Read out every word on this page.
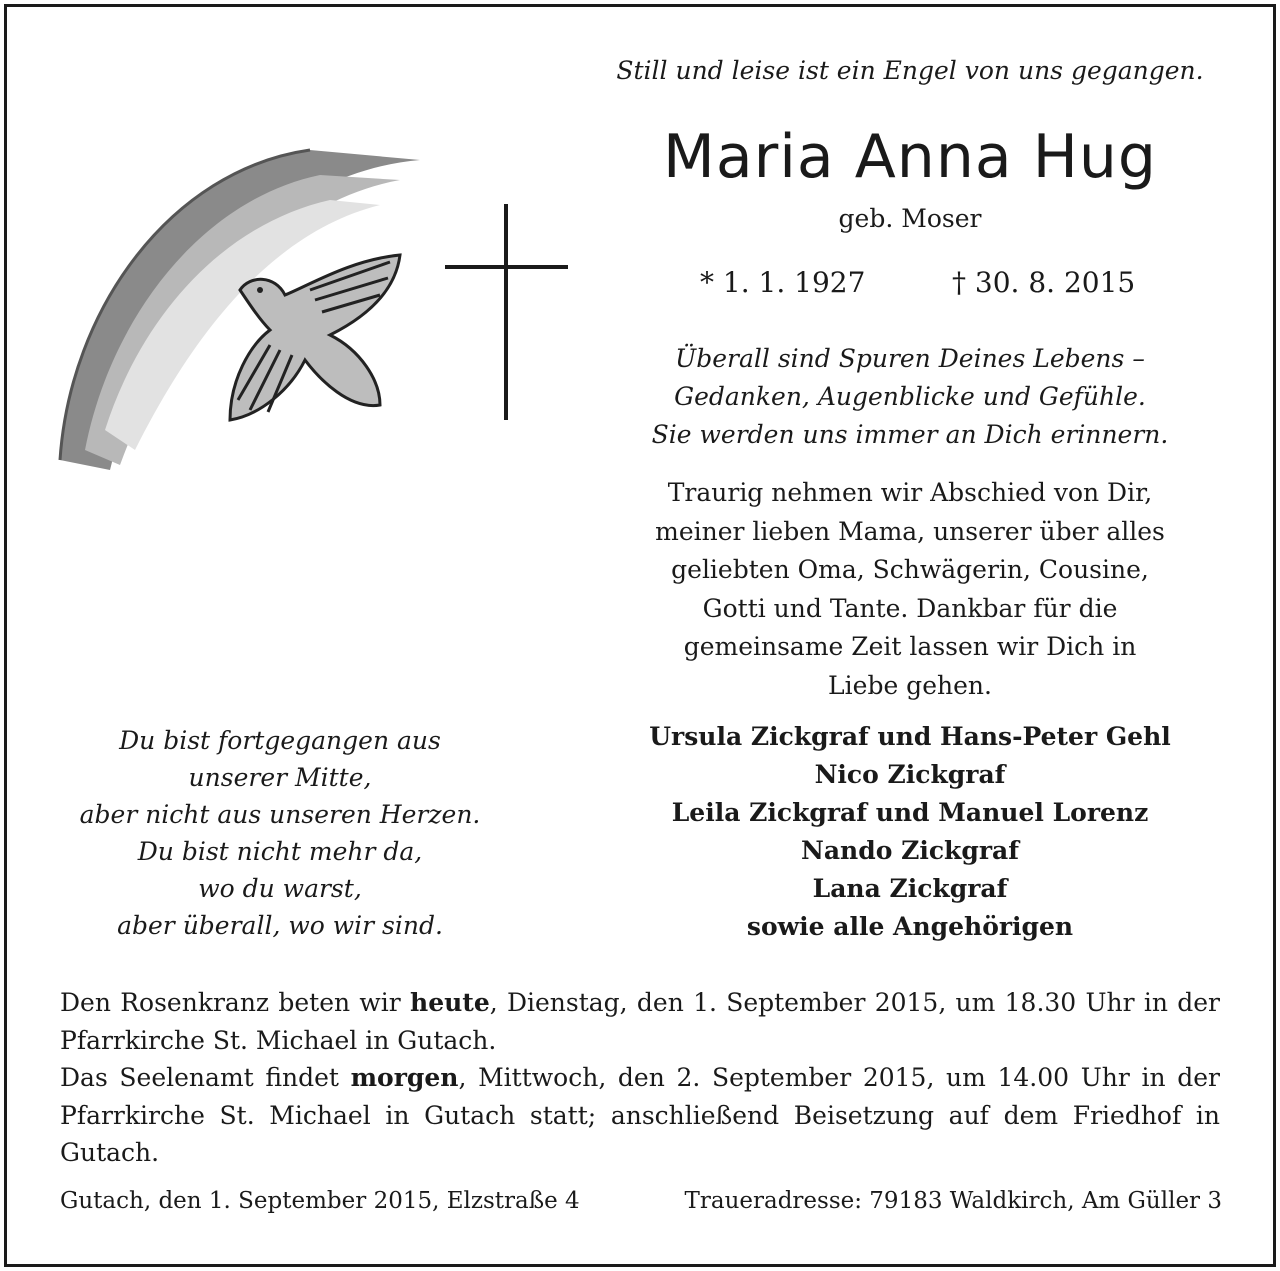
Still und leise ist ein Engel von uns gegangen.
Maria Anna Hug
geb. Moser
* 1. 1. 1927	† 30. 8. 2015
Überall sind Spuren Deines Lebens –
Gedanken, Augenblicke und Gefühle.
Sie werden uns immer an Dich erinnern.
Traurig nehmen wir Abschied von Dir,
meiner lieben Mama, unserer über alles
geliebten Oma, Schwägerin, Cousine,
Gotti und Tante. Dankbar für die
gemeinsame Zeit lassen wir Dich in
Liebe gehen.
Ursula Zickgraf und Hans-Peter Gehl
Nico Zickgraf
Leila Zickgraf und Manuel Lorenz
Nando Zickgraf
Lana Zickgraf
sowie alle Angehörigen
Du bist fortgegangen aus
unserer Mitte,
aber nicht aus unseren Herzen.
Du bist nicht mehr da,
wo du warst,
aber überall, wo wir sind.

Den Rosenkranz beten wir heute, Dienstag, den 1. September 2015, um 18.30 Uhr in der Pfarrkirche St. Michael in Gutach.

Das Seelenamt findet morgen, Mittwoch, den 2. September 2015, um 14.00 Uhr in der Pfarrkirche St. Michael in Gutach statt; anschließend Beisetzung auf dem Friedhof in Gutach.

Gutach, den 1. September 2015, Elzstraße 4	Traueradresse: 79183 Waldkirch, Am Güller 3
